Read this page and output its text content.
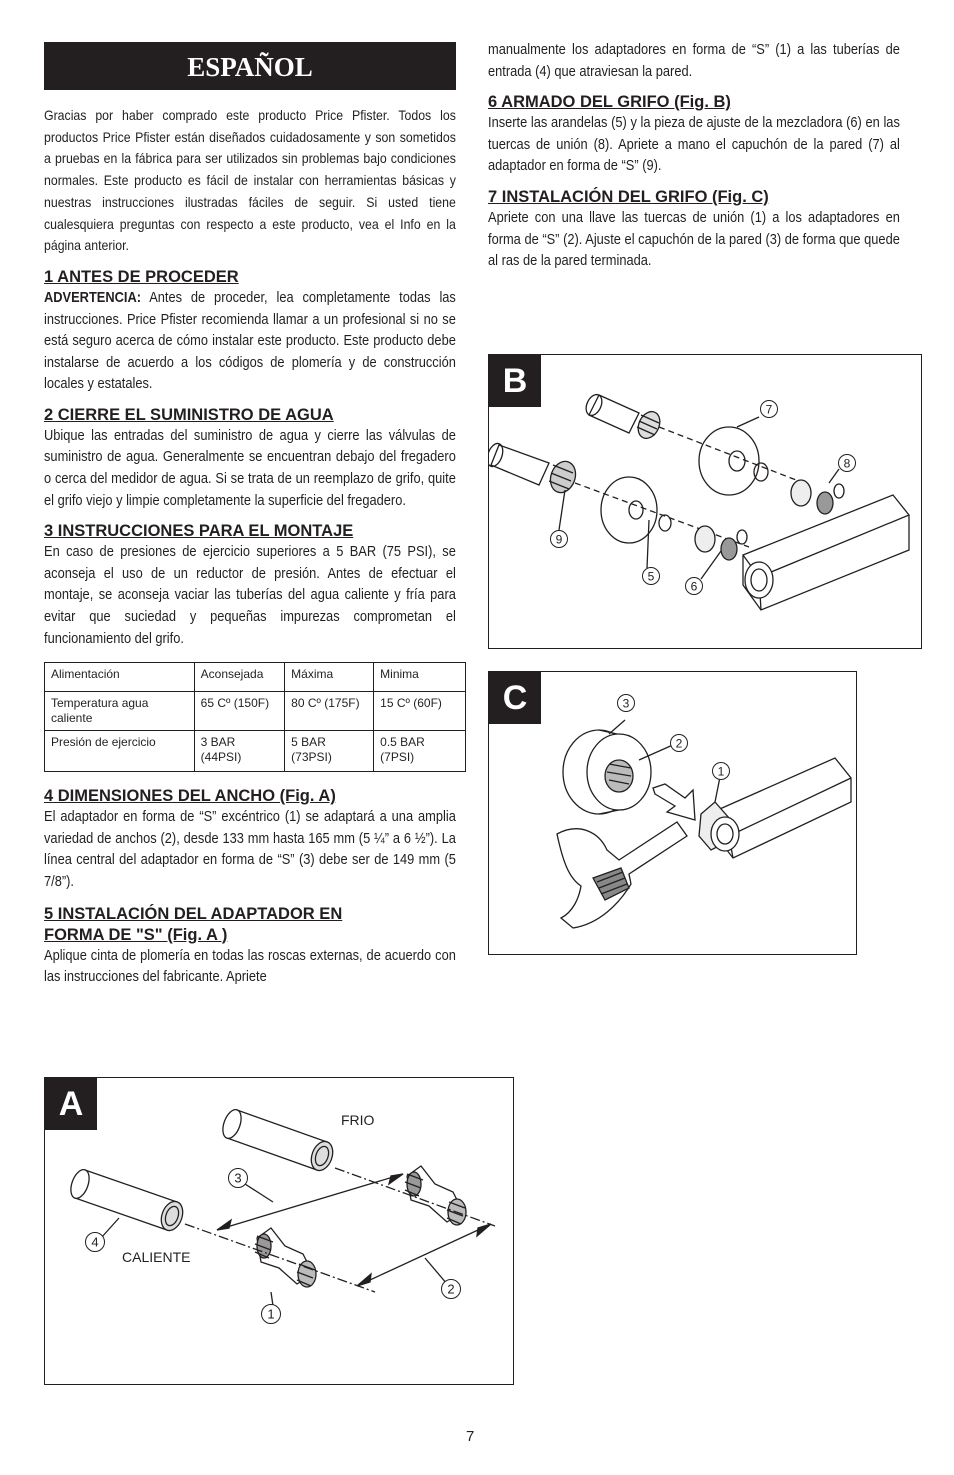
ESPAÑOL

Gracias por haber comprado este producto Price Pfister. Todos los productos Price Pfister están diseñados cuidadosamente y son sometidos a pruebas en la fábrica para ser utilizados sin problemas bajo condiciones normales. Este producto es fácil de instalar con herramientas básicas y nuestras instrucciones ilustradas fáciles de seguir. Si usted tiene cualesquiera preguntas con respecto a este producto, vea el Info en la página anterior.

1 ANTES DE PROCEDER

ADVERTENCIA: Antes de proceder, lea completamente todas las instrucciones. Price Pfister recomienda llamar a un profesional si no se está seguro acerca de cómo instalar este producto. Este producto debe instalarse de acuerdo a los códigos de plomería y de construcción locales y estatales.

2 CIERRE EL SUMINISTRO DE AGUA

Ubique las entradas del suministro de agua y cierre las válvulas de suministro de agua. Generalmente se encuentran debajo del fregadero o cerca del medidor de agua. Si se trata de un reemplazo de grifo, quite el grifo viejo y limpie completamente la superficie del fregadero.

3 INSTRUCCIONES PARA EL MONTAJE

En caso de presiones de ejercicio superiores a 5 BAR (75 PSI), se aconseja el uso de un reductor de presión. Antes de efectuar el montaje, se aconseja vaciar las tuberías del agua caliente y fría para evitar que suciedad y pequeñas impurezas comprometan el funcionamiento del grifo.

Alimentación	Aconsejada	Máxima	Minima
Temperatura agua caliente	65 Cº (150F)	80 Cº (175F)	15 Cº (60F)
Presión de ejercicio	3 BAR (44PSI)	5 BAR (73PSI)	0.5 BAR (7PSI)
4 DIMENSIONES DEL ANCHO (Fig. A)

El adaptador en forma de “S” excéntrico (1) se adaptará a una amplia variedad de anchos (2), desde 133 mm hasta 165 mm (5 ¼” a 6 ½”). La línea central del adaptador en forma de “S” (3) debe ser de 149 mm (5 7/8”).

5 INSTALACIÓN DEL ADAPTADOR EN
FORMA DE "S" (Fig. A )

Aplique cinta de plomería en todas las roscas externas, de acuerdo con las instrucciones del fabricante. Apriete

manualmente los adaptadores en forma de “S” (1) a las tuberías de entrada (4) que atraviesan la pared.

6 ARMADO DEL GRIFO (Fig. B)

Inserte las arandelas (5) y la pieza de ajuste de la mezcladora (6) en las tuercas de unión (8). Apriete a mano el capuchón de la pared (7) al adaptador en forma de “S” (9).

7 INSTALACIÓN DEL GRIFO (Fig. C)

Apriete con una llave las tuercas de unión (1) a los adaptadores en forma de “S” (2). Ajuste el capuchón de la pared (3) de forma que quede al ras de la pared terminada.

B
7
8
9
5
6
C	3
2
1
A	FRIO
CALIENTE
3
4
2
1
7
